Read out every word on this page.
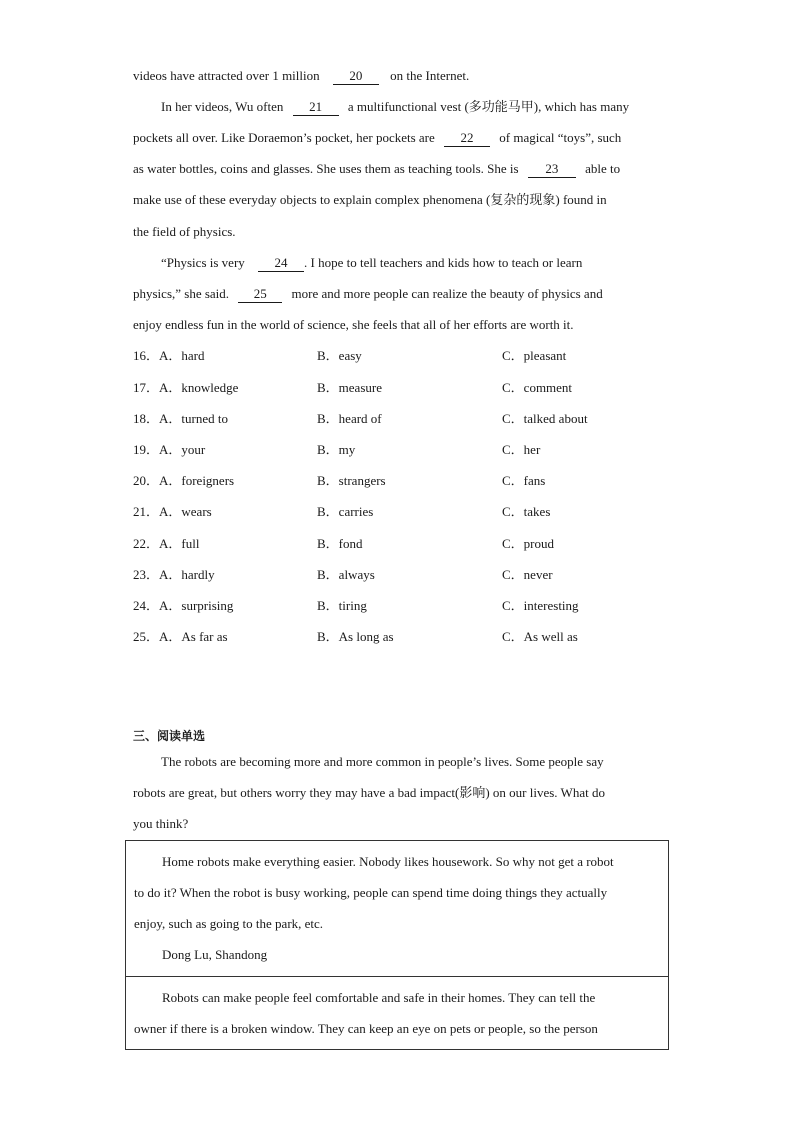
videos have attracted over 1 million 20 on the Internet.
In her videos, Wu often 21 a multifunctional vest (多功能马甲), which has many
pockets all over. Like Doraemon’s pocket, her pockets are 22 of magical “toys”, such
as water bottles, coins and glasses. She uses them as teaching tools. She is 23 able to
make use of these everyday objects to explain complex phenomena (复杂的现象) found in
the field of physics.
“Physics is very 24 . I hope to tell teachers and kids how to teach or learn
physics,” she said. 25 more and more people can realize the beauty of physics and
enjoy endless fun in the world of science, she feels that all of her efforts are worth it.
16． A．hard	B．easy	C．pleasant
17． A．knowledge	B．measure	C．comment
18． A．turned to	B．heard of	C．talked about
19． A．your	B．my	C．her
20． A．foreigners	B．strangers	C．fans
21． A．wears	B．carries	C．takes
22． A．full	B．fond	C．proud
23． A．hardly	B．always	C．never
24． A．surprising	B．tiring	C．interesting
25． A．As far as	B．As long as	C．As well as
三、阅读单选
The robots are becoming more and more common in people’s lives. Some people say
robots are great, but others worry they may have a bad impact(影响) on our lives. What do
you think?
Home robots make everything easier. Nobody likes housework. So why not get a robot
to do it? When the robot is busy working, people can spend time doing things they actually
enjoy, such as going to the park, etc.
Dong Lu, Shandong
Robots can make people feel comfortable and safe in their homes. They can tell the
owner if there is a broken window. They can keep an eye on pets or people, so the person
